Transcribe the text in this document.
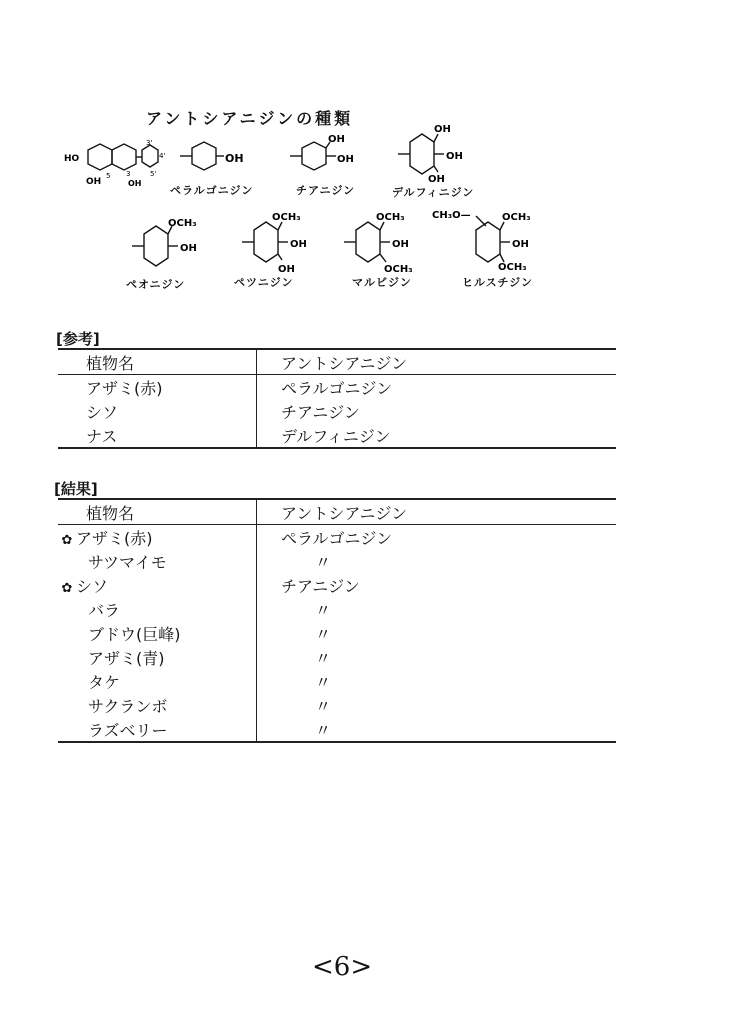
アントシアニジンの種類
HO
OH
3'
4'
5'
3
OH
5
OH
ペラルゴニジン
OH
OH
チアニジン
OH
OH
OH
デルフィニジン
OCH₃
OH
ペオニジン
OCH₃
OH
OH
ペツニジン
OCH₃
OH
OCH₃
マルビジン
CH₃O—	OCH₃
OH
OCH₃
ヒルスチジン
[参考]
植物名	アントシアニジン
アザミ(赤)	ペラルゴニジン
シソ	チアニジン
ナス	デルフィニジン
[結果]
植物名	アントシアニジン
✿ アザミ(赤)	ペラルゴニジン
サツマイモ	〃
✿ シソ	チアニジン
バラ	〃
ブドウ(巨峰)	〃
アザミ(青)	〃
タケ	〃
サクランボ	〃
ラズベリー	〃
<6>
